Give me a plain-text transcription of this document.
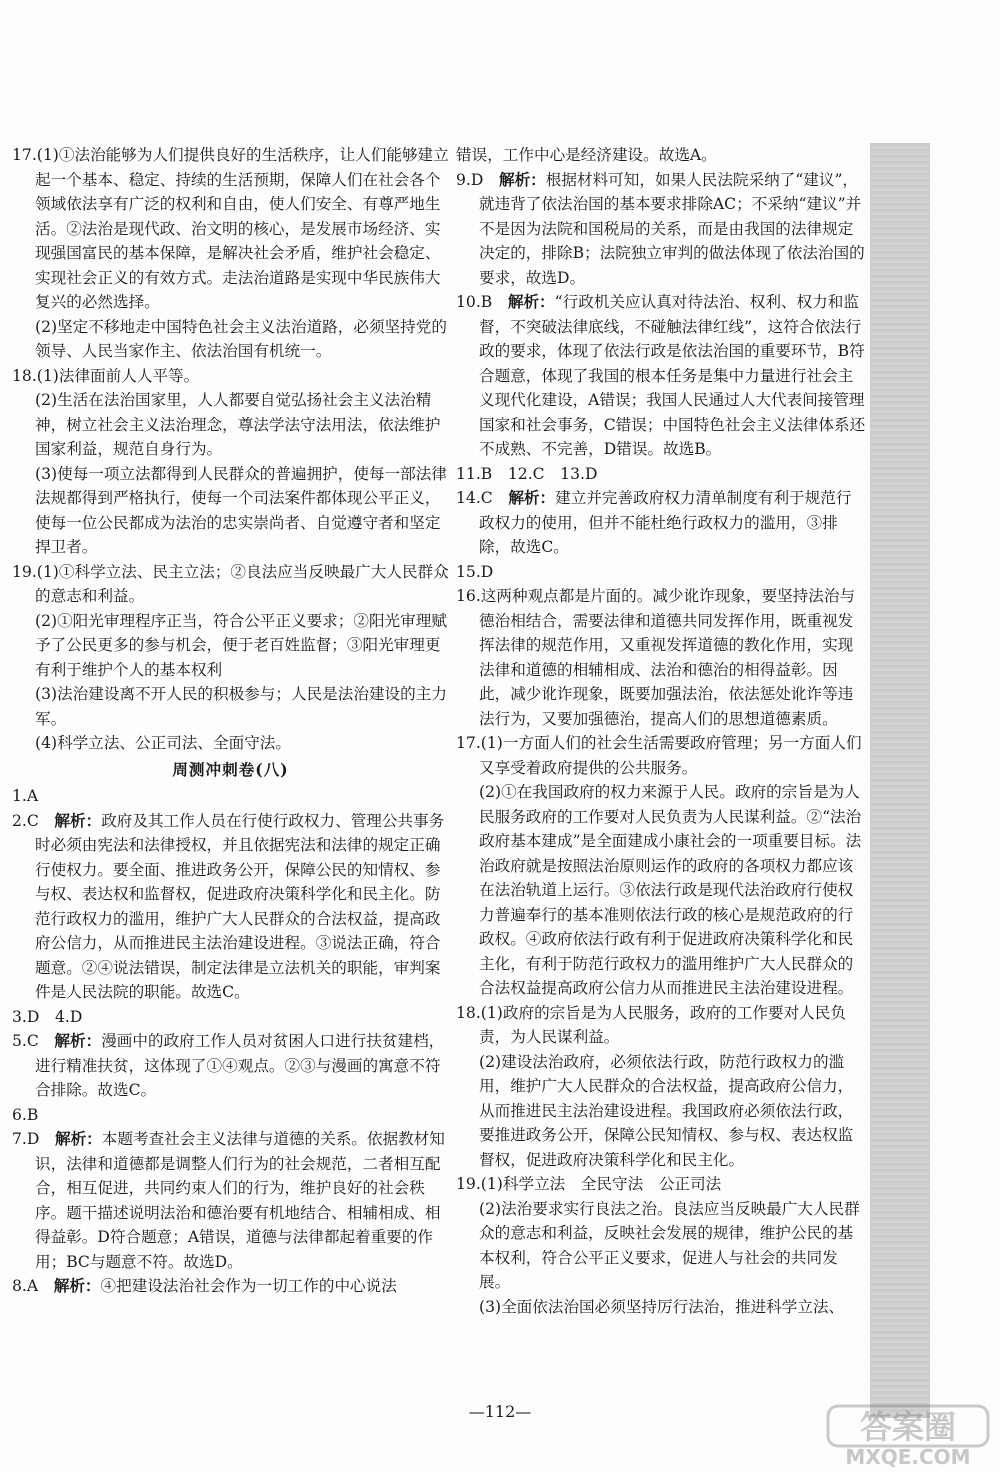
17.(1)①法治能够为人们提供良好的生活秩序，让人们能够建立起一个基本、稳定、持续的生活预期，保障人们在社会各个领域依法享有广泛的权利和自由，使人们安全、有尊严地生活。②法治是现代政、治文明的核心，是发展市场经济、实现强国富民的基本保障，是解决社会矛盾，维护社会稳定、实现社会正义的有效方式。走法治道路是实现中华民族伟大复兴的必然选择。

(2)坚定不移地走中国特色社会主义法治道路，必须坚持党的领导、人民当家作主、依法治国有机统一。

18.(1)法律面前人人平等。

(2)生活在法治国家里，人人都要自觉弘扬社会主义法治精神，树立社会主义法治理念，尊法学法守法用法，依法维护国家利益，规范自身行为。

(3)使每一项立法都得到人民群众的普遍拥护，使每一部法律法规都得到严格执行，使每一个司法案件都体现公平正义，使每一位公民都成为法治的忠实崇尚者、自觉遵守者和坚定捍卫者。

19.(1)①科学立法、民主立法；②良法应当反映最广大人民群众的意志和利益。

(2)①阳光审理程序正当，符合公平正义要求；②阳光审理赋予了公民更多的参与机会，便于老百姓监督；③阳光审理更有利于维护个人的基本权利

(3)法治建设离不开人民的积极参与；人民是法治建设的主力军。

(4)科学立法、公正司法、全面守法。

周测冲刺卷(八)

1.A

2.C　解析：政府及其工作人员在行使行政权力、管理公共事务时必须由宪法和法律授权，并且依据宪法和法律的规定正确行使权力。要全面、推进政务公开，保障公民的知情权、参与权、表达权和监督权，促进政府决策科学化和民主化。防范行政权力的滥用，维护广大人民群众的合法权益，提高政府公信力，从而推进民主法治建设进程。③说法正确，符合题意。②④说法错误，制定法律是立法机关的职能，审判案件是人民法院的职能。故选C。

3.D　4.D

5.C　解析：漫画中的政府工作人员对贫困人口进行扶贫建档，进行精准扶贫，这体现了①④观点。②③与漫画的寓意不符合排除。故选C。

6.B

7.D　解析：本题考查社会主义法律与道德的关系。依据教材知识，法律和道德都是调整人们行为的社会规范，二者相互配合，相互促进，共同约束人们的行为，维护良好的社会秩序。题干描述说明法治和德治要有机地结合、相辅相成、相得益彰。D符合题意；A错误，道德与法律都起着重要的作用；BC与题意不符。故选D。

8.A　解析：④把建设法治社会作为一切工作的中心说法

错误，工作中心是经济建设。故选A。

9.D　解析：根据材料可知，如果人民法院采纳了“建议”，就违背了依法治国的基本要求排除AC；不采纳“建议”并不是因为法院和国税局的关系，而是由我国的法律规定决定的，排除B；法院独立审判的做法体现了依法治国的要求，故选D。

10.B　解析：“行政机关应认真对待法治、权利、权力和监督，不突破法律底线，不碰触法律红线”，这符合依法行政的要求，体现了依法行政是依法治国的重要环节，B符合题意，体现了我国的根本任务是集中力量进行社会主义现代化建设，A错误；我国人民通过人大代表间接管理国家和社会事务，C错误；中国特色社会主义法律体系还不成熟、不完善，D错误。故选B。

11.B　12.C　13.D

14.C　解析：建立并完善政府权力清单制度有利于规范行政权力的使用，但并不能杜绝行政权力的滥用，③排除，故选C。

15.D

16.这两种观点都是片面的。减少讹诈现象，要坚持法治与德治相结合，需要法律和道德共同发挥作用，既重视发挥法律的规范作用，又重视发挥道德的教化作用，实现法律和道德的相辅相成、法治和德治的相得益彰。因此，减少讹诈现象，既要加强法治，依法惩处讹诈等违法行为，又要加强德治，提高人们的思想道德素质。

17.(1)一方面人们的社会生活需要政府管理；另一方面人们又享受着政府提供的公共服务。

(2)①在我国政府的权力来源于人民。政府的宗旨是为人民服务政府的工作要对人民负责为人民谋利益。②“法治政府基本建成”是全面建成小康社会的一项重要目标。法治政府就是按照法治原则运作的政府的各项权力都应该在法治轨道上运行。③依法行政是现代法治政府行使权力普遍奉行的基本准则依法行政的核心是规范政府的行政权。④政府依法行政有利于促进政府决策科学化和民主化，有利于防范行政权力的滥用维护广大人民群众的合法权益提高政府公信力从而推进民主法治建设进程。

18.(1)政府的宗旨是为人民服务，政府的工作要对人民负责，为人民谋利益。

(2)建设法治政府，必须依法行政，防范行政权力的滥用，维护广大人民群众的合法权益，提高政府公信力，从而推进民主法治建设进程。我国政府必须依法行政，要推进政务公开，保障公民知情权、参与权、表达权监督权，促进政府决策科学化和民主化。

19.(1)科学立法　全民守法　公正司法

(2)法治要求实行良法之治。良法应当反映最广大人民群众的意志和利益，反映社会发展的规律，维护公民的基本权利，符合公平正义要求，促进人与社会的共同发展。

(3)全面依法治国必须坚持厉行法治，推进科学立法、

—112—	答案圈
MXQE.COM
